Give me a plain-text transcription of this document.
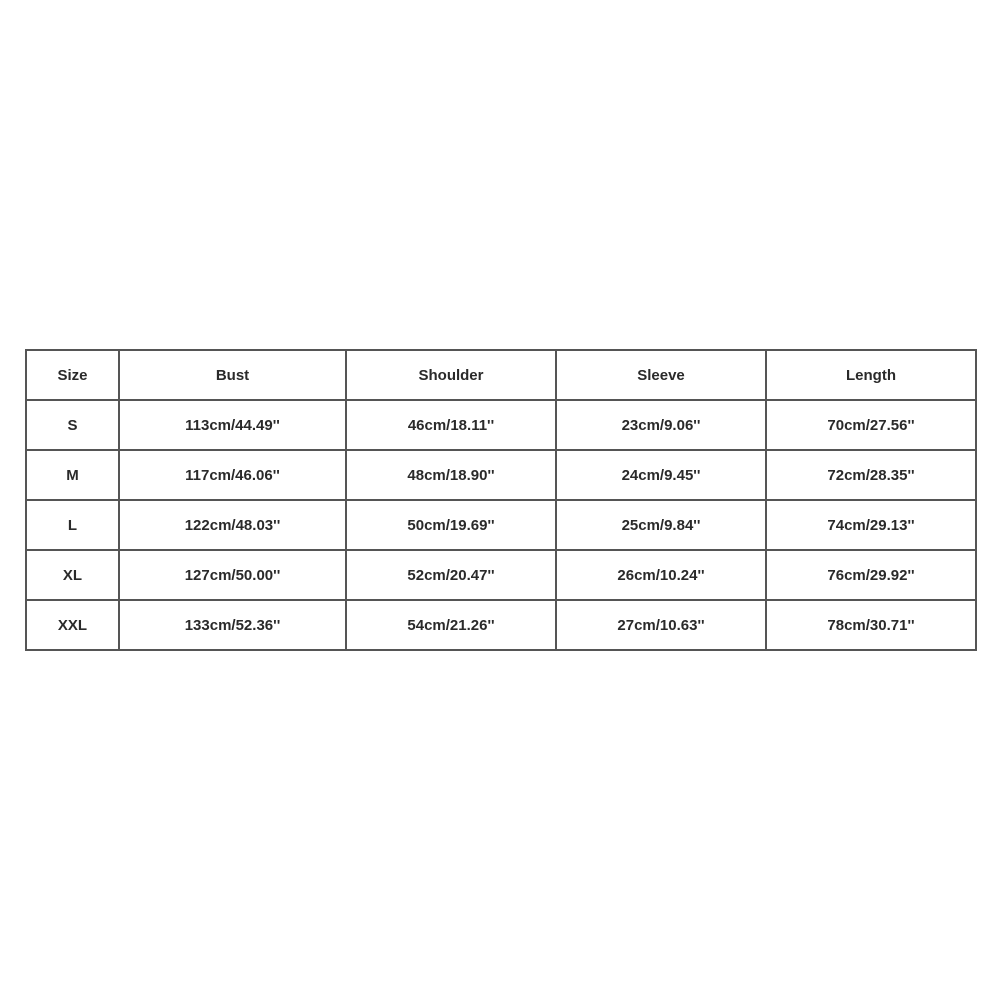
Size	Bust	Shoulder	Sleeve	Length
S	113cm/44.49''	46cm/18.11''	23cm/9.06''	70cm/27.56''
M	117cm/46.06''	48cm/18.90''	24cm/9.45''	72cm/28.35''
L	122cm/48.03''	50cm/19.69''	25cm/9.84''	74cm/29.13''
XL	127cm/50.00''	52cm/20.47''	26cm/10.24''	76cm/29.92''
XXL	133cm/52.36''	54cm/21.26''	27cm/10.63''	78cm/30.71''
